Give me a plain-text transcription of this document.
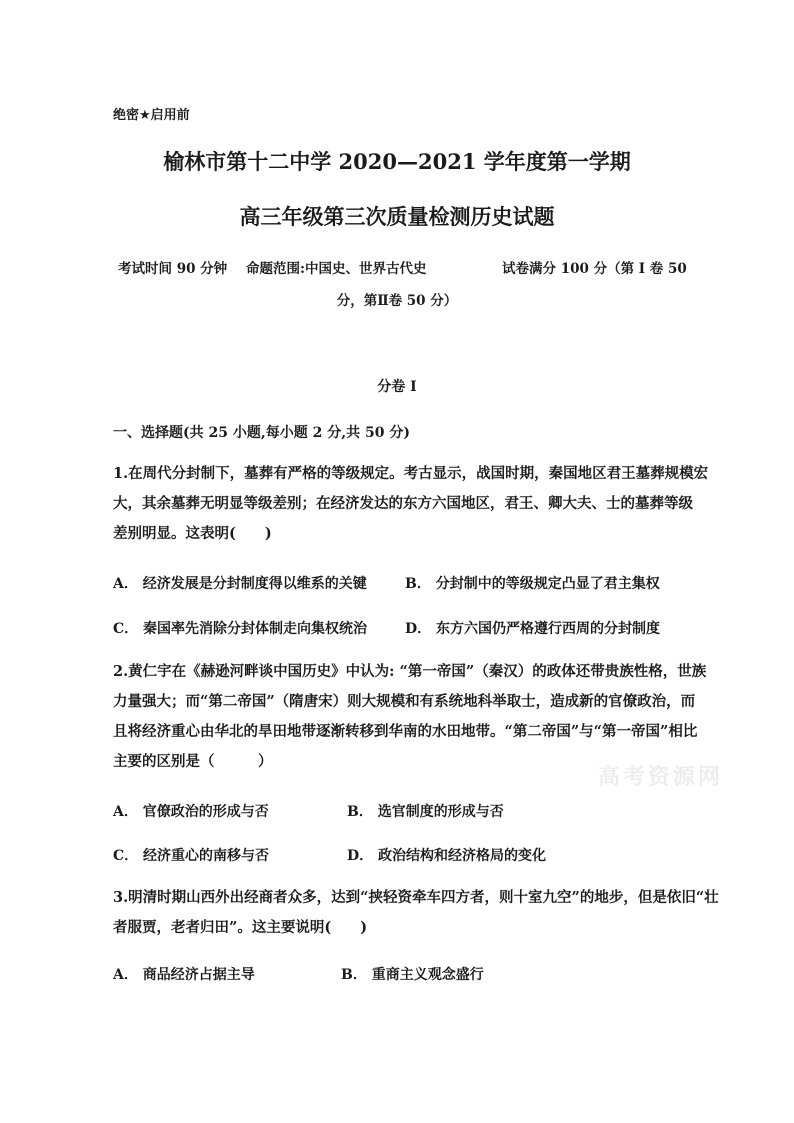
绝密★启用前
榆林市第十二中学 2020—2021 学年度第一学期
高三年级第三次质量检测历史试题
考试时间 90 分钟 命题范围:中国史、世界古代史	试卷满分 100 分（第 I 卷 50
分，第Ⅱ卷 50 分）
分卷 I
一、选择题(共 25 小题,每小题 2 分,共 50 分)
1.在周代分封制下，墓葬有严格的等级规定。考古显示，战国时期，秦国地区君王墓葬规模宏
大，其余墓葬无明显等级差别；在经济发达的东方六国地区，君王、卿大夫、士的墓葬等级
差别明显。这表明(　　)
A． 经济发展是分封制度得以维系的关键	B． 分封制中的等级规定凸显了君主集权
C． 秦国率先消除分封体制走向集权统治	D． 东方六国仍严格遵行西周的分封制度
2.黄仁宇在《赫逊河畔谈中国历史》中认为: “第一帝国”（秦汉）的政体还带贵族性格，世族
力量强大；而“第二帝国”（隋唐宋）则大规模和有系统地科举取士，造成新的官僚政治，而
且将经济重心由华北的旱田地带逐渐转移到华南的水田地带。“第二帝国”与“第一帝国”相比
主要的区别是（　　　）
A． 官僚政治的形成与否	B． 选官制度的形成与否
C． 经济重心的南移与否	D． 政治结构和经济格局的变化
3.明清时期山西外出经商者众多，达到“挟轻资牵车四方者，则十室九空”的地步，但是依旧“壮
者服贾，老者归田”。这主要说明(　　)
A． 商品经济占据主导	B． 重商主义观念盛行
高考资源网
